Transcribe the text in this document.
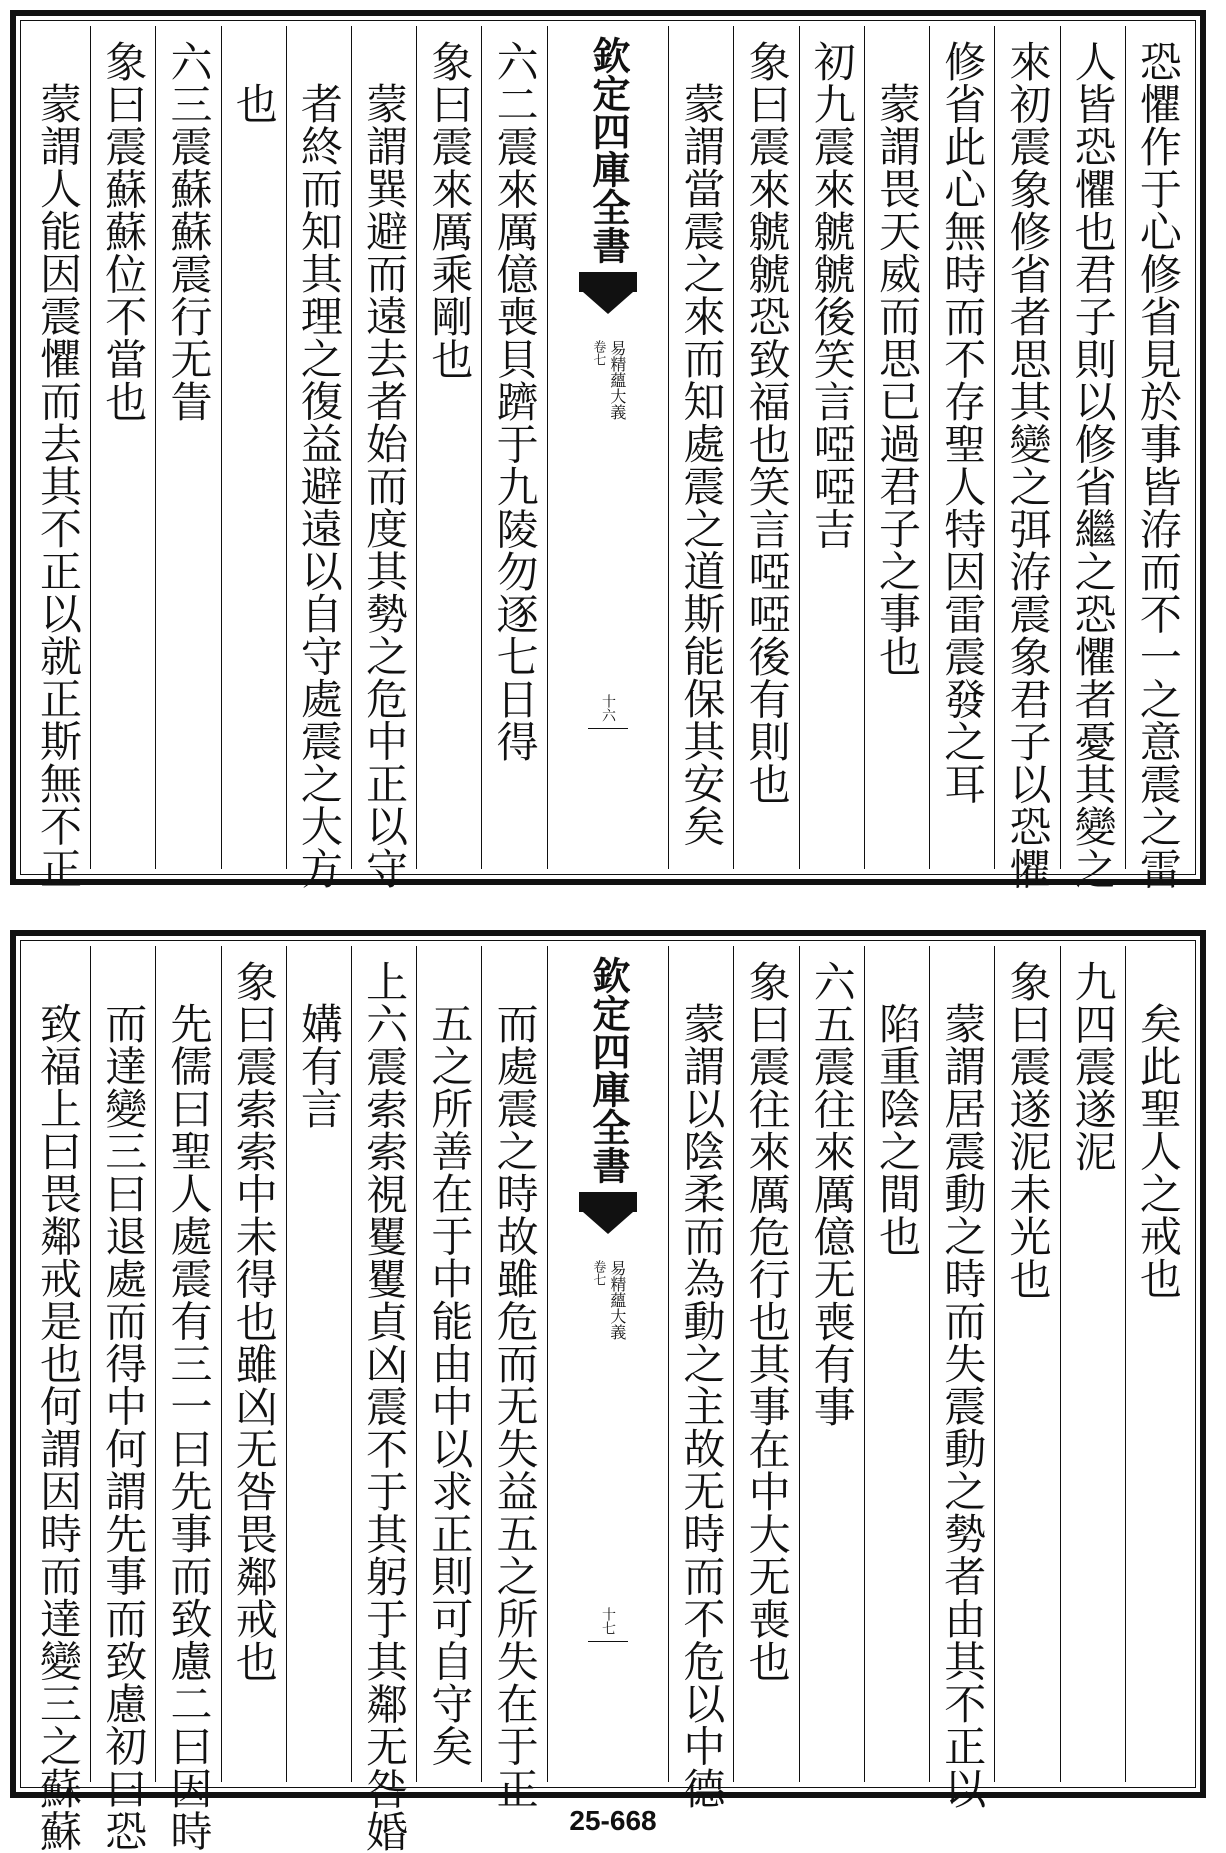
恐懼作于心修省見於事皆洊而不一之意震之雷
人皆恐懼也君子則以修省繼之恐懼者憂其變之
來初震象修省者思其變之弭洊震象君子以恐懼
修省此心無時而不存聖人特因雷震發之耳
蒙謂畏天威而思已過君子之事也
初九震來虩虩後笑言啞啞吉
象曰震來虩虩恐致福也笑言啞啞後有則也
蒙謂當震之來而知處震之道斯能保其安矣
欽定四庫全書
易精蘊大義
卷七
十六
六二震來厲億喪貝躋于九陵勿逐七日得
象曰震來厲乘剛也
蒙謂巽避而遠去者始而度其勢之危中正以守
者終而知其理之復益避遠以自守處震之大方
也
六三震蘇蘇震行无眚
象曰震蘇蘇位不當也
蒙謂人能因震懼而去其不正以就正斯無不正
矣此聖人之戒也
九四震遂泥
象曰震遂泥未光也
蒙謂居震動之時而失震動之勢者由其不正以
陷重陰之間也
六五震往來厲億无喪有事
象曰震往來厲危行也其事在中大无喪也
蒙謂以陰柔而為動之主故无時而不危以中德
欽定四庫全書
易精蘊大義
卷七
十七
而處震之時故雖危而无失益五之所失在于正
五之所善在于中能由中以求正則可自守矣
上六震索索視矍矍貞凶震不于其躬于其鄰无咎婚
媾有言
象曰震索索中未得也雖凶无咎畏鄰戒也
先儒曰聖人處震有三一曰先事而致慮二曰因時
而達變三曰退處而得中何謂先事而致慮初曰恐
致福上曰畏鄰戒是也何謂因時而達變三之蘇蘇	25-668
